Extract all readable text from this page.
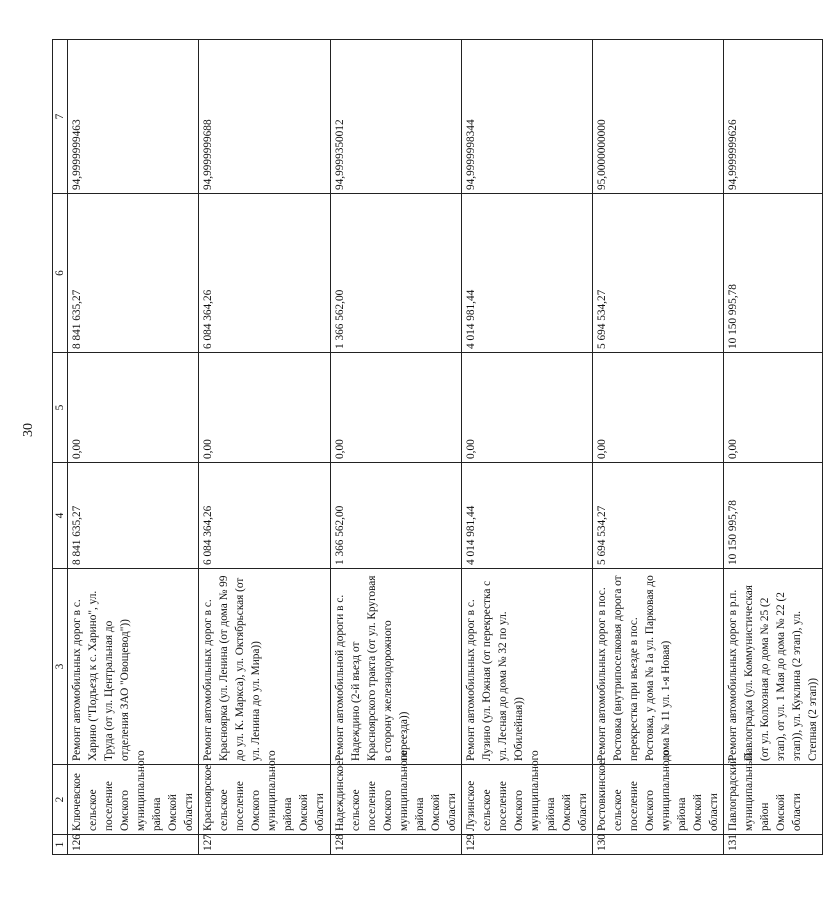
30
1	2	3	4	5	6	7
126	Ключевское сельское поселение Омского муниципального района Омской области	Ремонт автомобильных дорог в с. Харино ("Подъезд к с. Харино", ул. Труда (от ул. Центральная до отделения ЗАО "Овощевод"))	8 841 635,27	0,00	8 841 635,27	94,9999999463
127	Красноярское сельское поселение Омского муниципального района Омской области	Ремонт автомобильных дорог в с. Красноярка (ул. Ленина (от дома № 99 до ул. К. Маркса), ул. Октябрьская (от ул. Ленина до ул. Мира))	6 084 364,26	0,00	6 084 364,26	94,9999999688
128	Надеждинское сельское поселение Омского муниципального района Омской области	Ремонт автомобильной дороги в с. Надеждино (2-й въезд от Красноярского тракта (от ул. Круговая в сторону железнодорожного переезда))	1 366 562,00	0,00	1 366 562,00	94,9999350012
129	Лузинское сельское поселение Омского муниципального района Омской области	Ремонт автомобильных дорог в с. Лузино (ул. Южная (от перекрестка с ул. Лесная до дома № 32 по ул. Юбилейная))	4 014 981,44	0,00	4 014 981,44	94,9999998344
130	Ростовкинское сельское поселение Омского муниципального района Омской области	Ремонт автомобильных дорог в пос. Ростовка (внутрипоселковая дорога от перекрестка при въезде в пос. Ростовка, у дома № 1а ул. Парковая до дома № 11 ул. 1-я Новая)	5 694 534,27	0,00	5 694 534,27	95,0000000000
131	Павлоградский муниципальный район Омской области	Ремонт автомобильных дорог в р.п. Павлоградка (ул. Коммунистическая (от ул. Колхозная до дома № 25 (2 этап), от ул. 1 Мая до дома № 22 (2 этап)), ул. Куклина (2 этап), ул. Степная (2 этап))	10 150 995,78	0,00	10 150 995,78	94,9999999626
